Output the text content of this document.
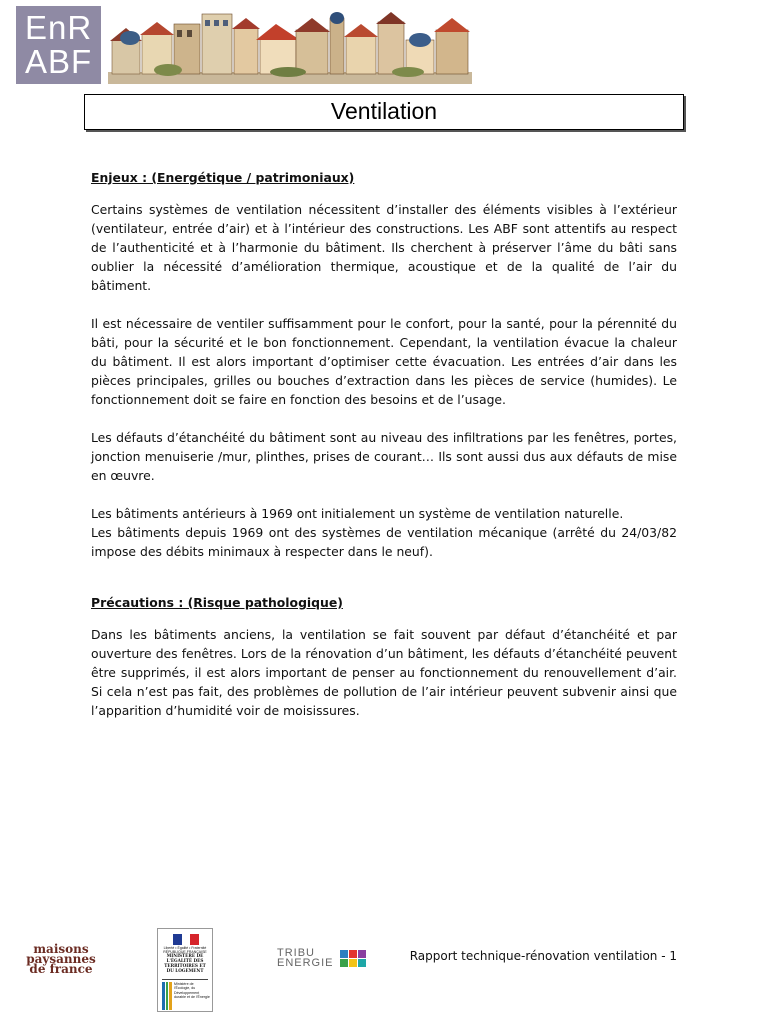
EnR
ABF
Ventilation
Enjeux : (Energétique / patrimoniaux)

Certains systèmes de ventilation nécessitent d’installer des éléments visibles à l’extérieur (ventilateur, entrée d’air) et à l’intérieur des constructions. Les ABF sont attentifs au respect de l’authenticité et à l’harmonie du bâtiment. Ils cherchent à préserver l’âme du bâti sans oublier la nécessité d’amélioration thermique, acoustique et de la qualité de l’air du bâtiment.

Il est nécessaire de ventiler suffisamment pour le confort, pour la santé, pour la pérennité du bâti, pour la sécurité et le bon fonctionnement. Cependant, la ventilation évacue la chaleur du bâtiment. Il est alors important d’optimiser cette évacuation. Les entrées d’air dans les pièces principales, grilles ou bouches d’extraction dans les pièces de service (humides). Le fonctionnement doit se faire en fonction des besoins et de l’usage.

Les défauts d’étanchéité du bâtiment sont au niveau des infiltrations par les fenêtres, portes, jonction menuiserie /mur, plinthes, prises de courant… Ils sont aussi dus aux défauts de mise en œuvre.

Les bâtiments antérieurs à 1969 ont initialement un système de ventilation naturelle.

Les bâtiments depuis 1969 ont des systèmes de ventilation mécanique (arrêté du 24/03/82 impose des débits minimaux à respecter dans le neuf).

Précautions : (Risque pathologique)

Dans les bâtiments anciens, la ventilation se fait souvent par défaut d’étanchéité et par ouverture des fenêtres. Lors de la rénovation d’un bâtiment, les défauts d’étanchéité peuvent être supprimés, il est alors important de penser au fonctionnement du renouvellement d’air. Si cela n’est pas fait, des problèmes de pollution de l’air intérieur peuvent subvenir ainsi que l’apparition d’humidité voir de moisissures.

maisons
paysannes
de france
Liberté • Égalité • Fraternité RÉPUBLIQUE FRANÇAISE
MINISTÈRE DE L'ÉGALITÉ DES TERRITOIRES ET DU LOGEMENT
Ministère de l'Écologie, du Développement durable et de l'Énergie
TRIBU
ENERGIE	Rapport technique-rénovation ventilation - 1
